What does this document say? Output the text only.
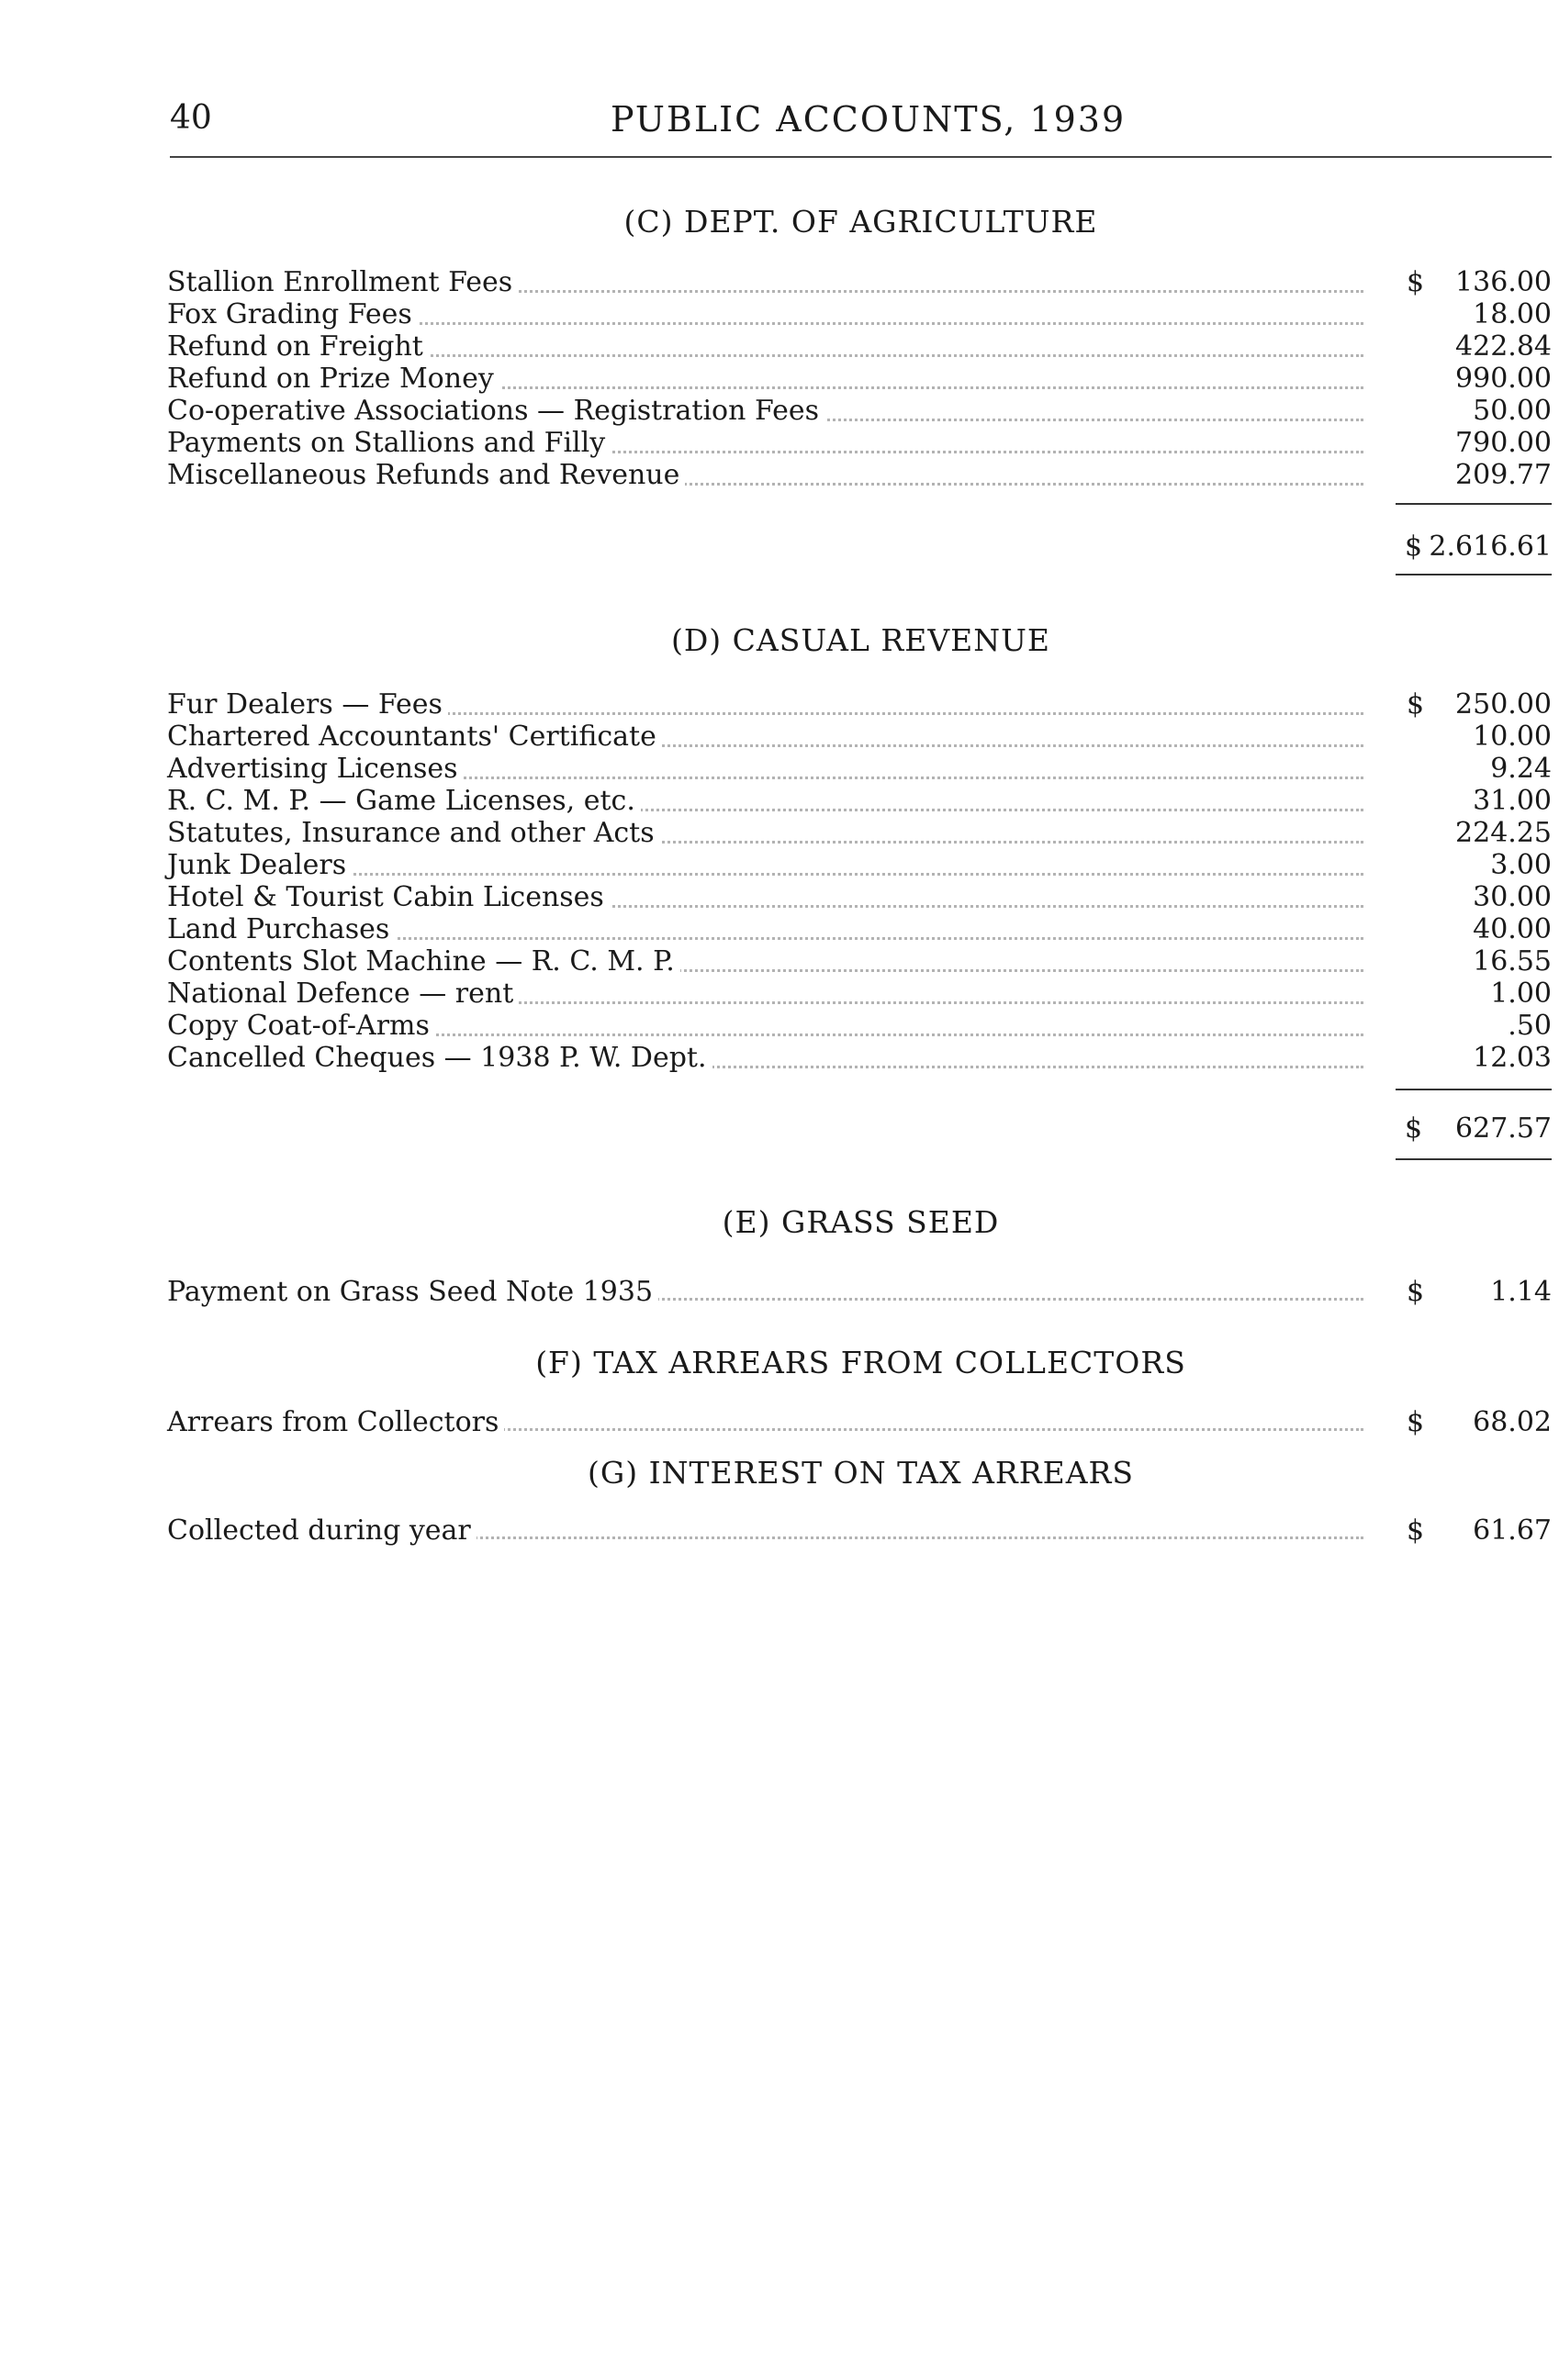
40	PUBLIC ACCOUNTS, 1939
(C) DEPT. OF AGRICULTURE
Stallion Enrollment Fees	$	136.00
Fox Grading Fees	18.00
Refund on Freight	422.84
Refund on Prize Money	990.00
Co-operative Associations — Registration Fees	50.00
Payments on Stallions and Filly	790.00
Miscellaneous Refunds and Revenue	209.77
$ 2.616.61
(D) CASUAL REVENUE
Fur Dealers — Fees	$	250.00
Chartered Accountants' Certificate	10.00
Advertising Licenses	9.24
R. C. M. P. — Game Licenses, etc.	31.00
Statutes, Insurance and other Acts	224.25
Junk Dealers	3.00
Hotel & Tourist Cabin Licenses	30.00
Land Purchases	40.00
Contents Slot Machine — R. C. M. P.	16.55
National Defence — rent	1.00
Copy Coat-of-Arms	.50
Cancelled Cheques — 1938 P. W. Dept.	12.03
$	627.57
(E) GRASS SEED
Payment on Grass Seed Note 1935	$	1.14
(F) TAX ARREARS FROM COLLECTORS
Arrears from Collectors	$	68.02
(G) INTEREST ON TAX ARREARS
Collected during year	$	61.67
